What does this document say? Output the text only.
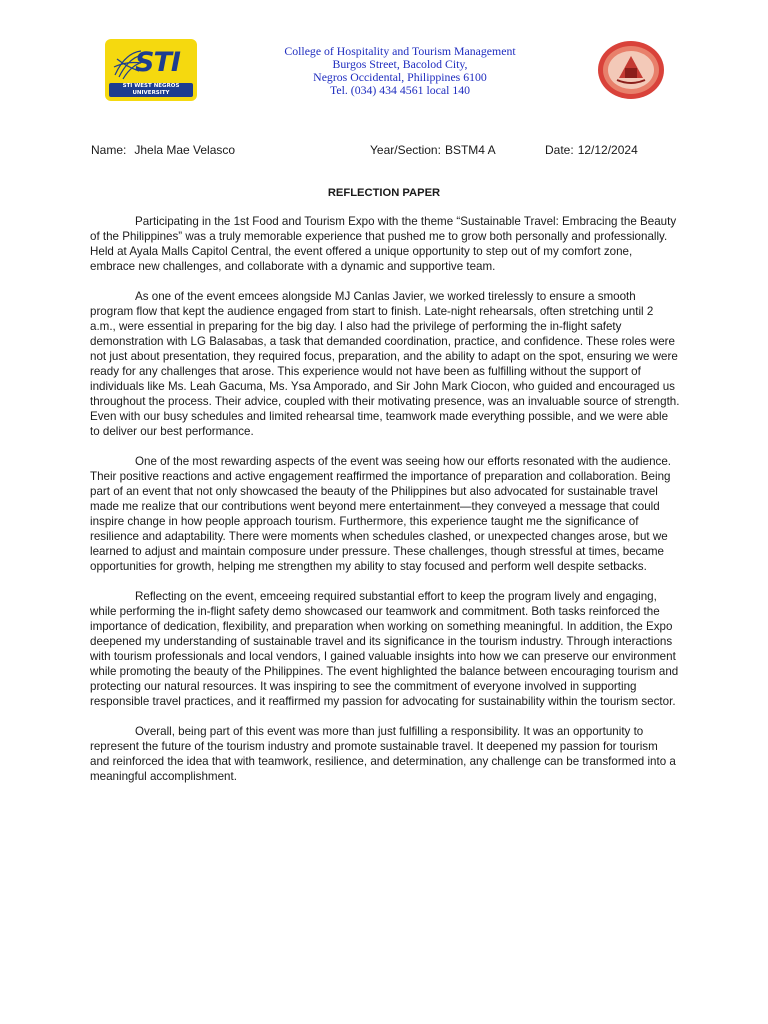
STI
STI WEST NEGROS UNIVERSITY
College of Hospitality and Tourism Management
Burgos Street, Bacolod City,
Negros Occidental, Philippines 6100
Tel. (034) 434 4561 local 140
Name: Jhela Mae Velasco	Year/Section: BSTM4 A	Date: 12/12/2024
REFLECTION PAPER

Participating in the 1st Food and Tourism Expo with the theme “Sustainable Travel: Embracing the Beauty of the Philippines” was a truly memorable experience that pushed me to grow both personally and professionally. Held at Ayala Malls Capitol Central, the event offered a unique opportunity to step out of my comfort zone, embrace new challenges, and collaborate with a dynamic and supportive team.

As one of the event emcees alongside MJ Canlas Javier, we worked tirelessly to ensure a smooth program flow that kept the audience engaged from start to finish. Late-night rehearsals, often stretching until 2 a.m., were essential in preparing for the big day. I also had the privilege of performing the in-flight safety demonstration with LG Balasabas, a task that demanded coordination, practice, and confidence. These roles were not just about presentation, they required focus, preparation, and the ability to adapt on the spot, ensuring we were ready for any challenges that arose. This experience would not have been as fulfilling without the support of individuals like Ms. Leah Gacuma, Ms. Ysa Amporado, and Sir John Mark Ciocon, who guided and encouraged us throughout the process. Their advice, coupled with their motivating presence, was an invaluable source of strength. Even with our busy schedules and limited rehearsal time, teamwork made everything possible, and we were able to deliver our best performance.

One of the most rewarding aspects of the event was seeing how our efforts resonated with the audience. Their positive reactions and active engagement reaffirmed the importance of preparation and collaboration. Being part of an event that not only showcased the beauty of the Philippines but also advocated for sustainable travel made me realize that our contributions went beyond mere entertainment—they conveyed a message that could inspire change in how people approach tourism. Furthermore, this experience taught me the significance of resilience and adaptability. There were moments when schedules clashed, or unexpected changes arose, but we learned to adjust and maintain composure under pressure. These challenges, though stressful at times, became opportunities for growth, helping me strengthen my ability to stay focused and perform well despite setbacks.

Reflecting on the event, emceeing required substantial effort to keep the program lively and engaging, while performing the in-flight safety demo showcased our teamwork and commitment. Both tasks reinforced the importance of dedication, flexibility, and preparation when working on something meaningful. In addition, the Expo deepened my understanding of sustainable travel and its significance in the tourism industry. Through interactions with tourism professionals and local vendors, I gained valuable insights into how we can preserve our environment while promoting the beauty of the Philippines. The event highlighted the balance between encouraging tourism and protecting our natural resources. It was inspiring to see the commitment of everyone involved in supporting responsible travel practices, and it reaffirmed my passion for advocating for sustainability within the tourism sector.

Overall, being part of this event was more than just fulfilling a responsibility. It was an opportunity to represent the future of the tourism industry and promote sustainable travel. It deepened my passion for tourism and reinforced the idea that with teamwork, resilience, and determination, any challenge can be transformed into a meaningful accomplishment.
